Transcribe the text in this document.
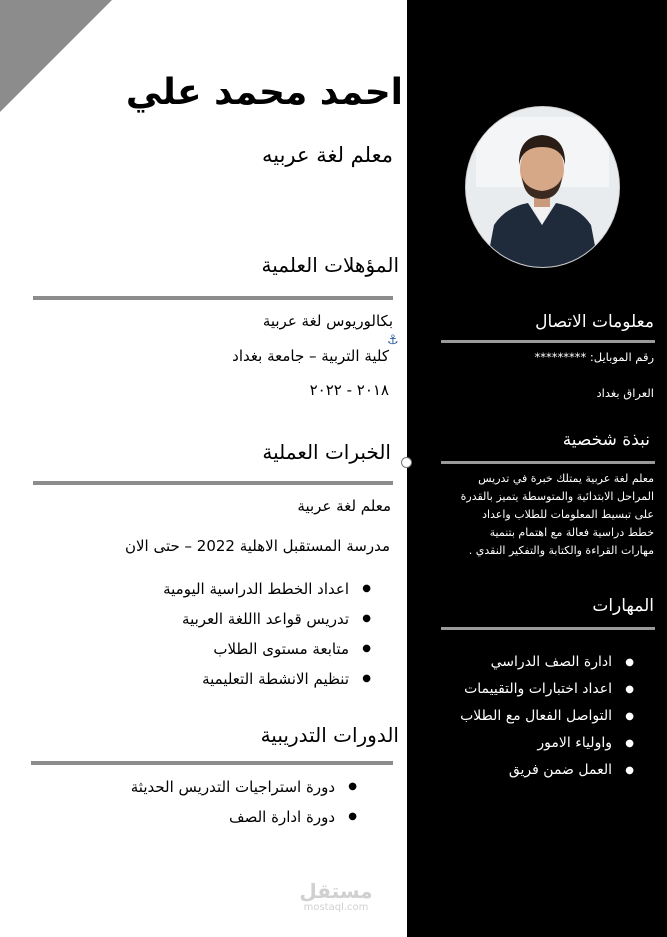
احمد محمد علي
معلم لغة عربيه
المؤهلات العلمية
بكالوريوس لغة عربية
⚓
كلية التربية – جامعة بغداد
٢٠١٨ - ٢٠٢٢
الخبرات العملية
معلم لغة عربية
مدرسة المستقبل الاهلية 2022 – حتى الان
● اعداد الخطط الدراسية اليومية
● تدريس قواعد االلغة العربية
● متابعة مستوى الطلاب
● تنظيم الانشطة التعليمية
الدورات التدريبية
● دورة استراجيات التدريس الحديثة
● دورة ادارة الصف
مستقل
mostaql.com
معلومات الاتصال
رقم الموبايل: *********
العراق بغداد
نبذة شخصية

معلم لغة عربية يمتلك خبرة في تدريس

المراحل الابتدائية والمتوسطة يتميز بالقدرة

على تبسيط المعلومات للطلاب واعداد

خطط دراسية فعالة مع اهتمام بتنمية

مهارات القراءة والكتابة والتفكير النقدي .

المهارات
● ادارة الصف الدراسي
● اعداد اختبارات والتقييمات
● التواصل الفعال مع الطلاب
● واولياء الامور
● العمل ضمن فريق
